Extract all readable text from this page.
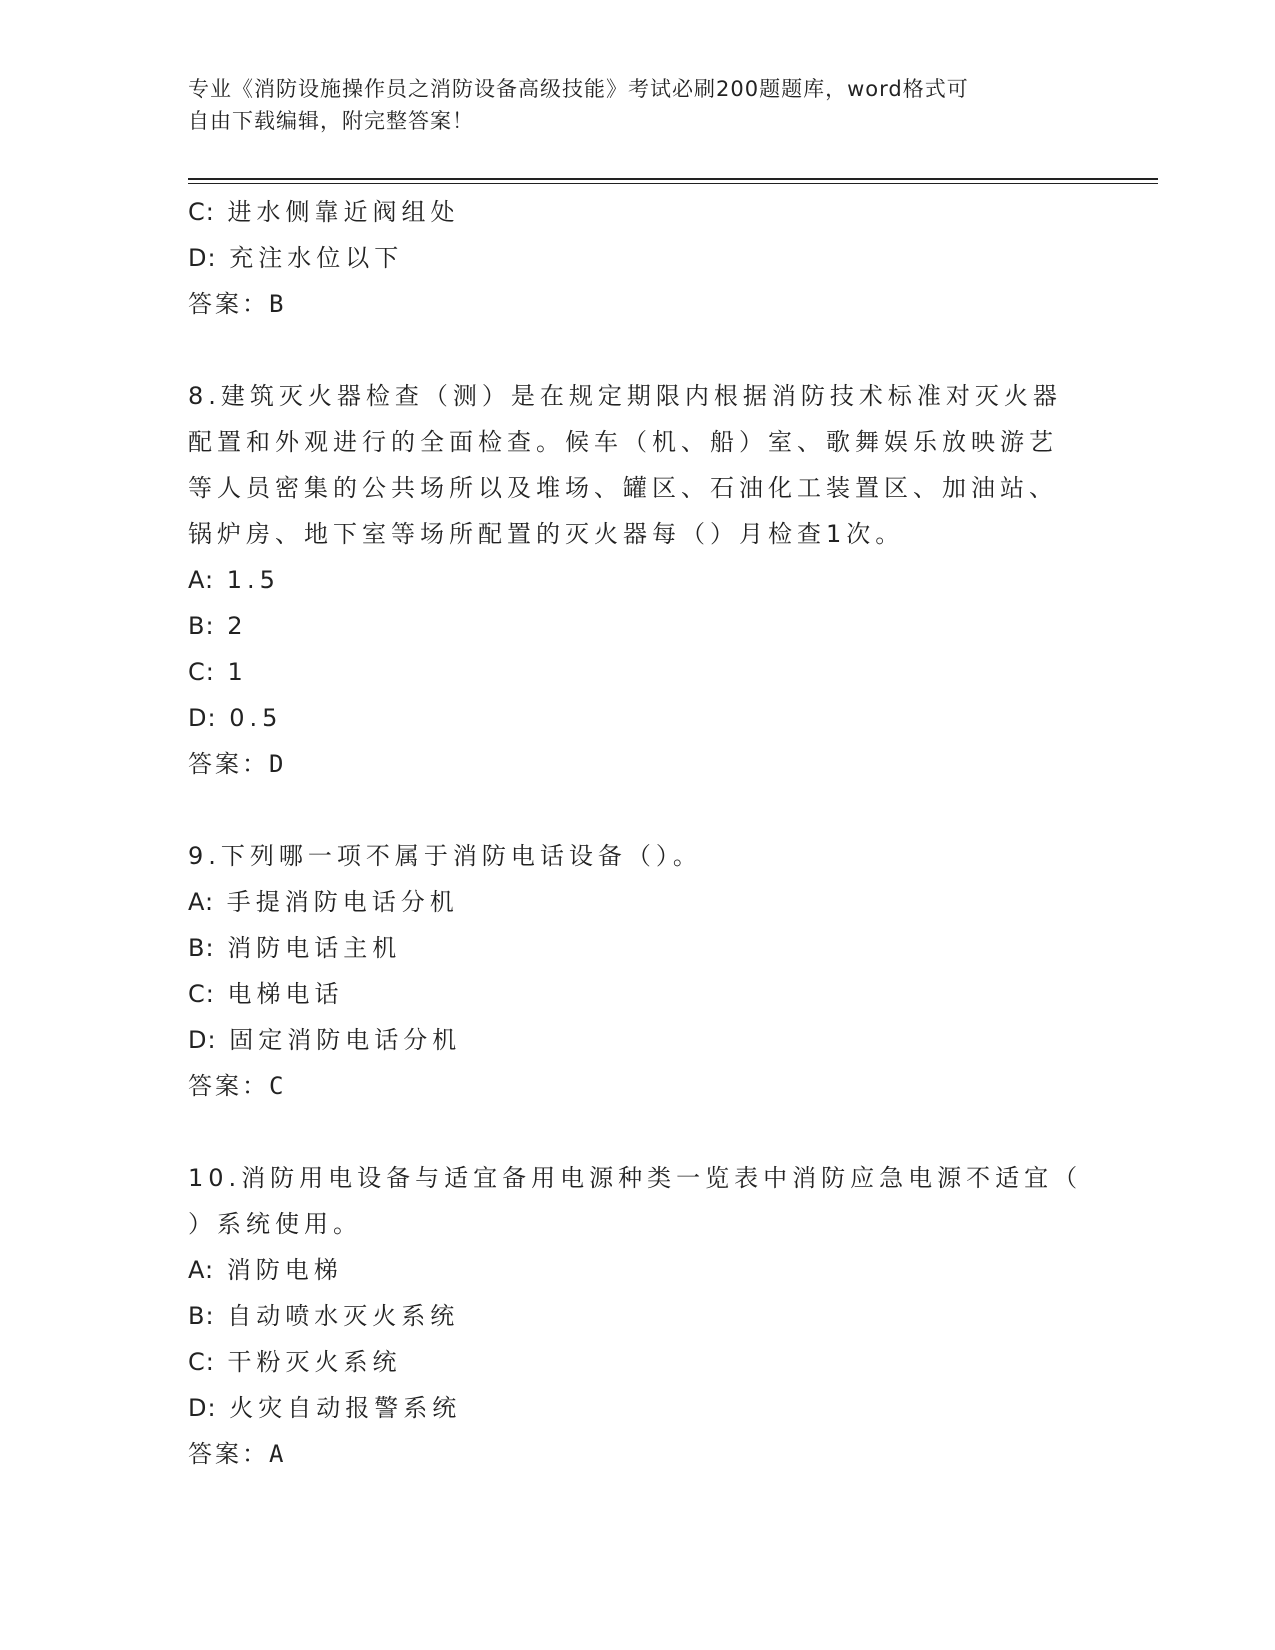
专业《消防设施操作员之消防设备高级技能》考试必刷200题题库，word格式可
自由下载编辑，附完整答案！
C: 进水侧靠近阀组处
D: 充注水位以下
答案：B
8.建筑灭火器检查（测）是在规定期限内根据消防技术标准对灭火器
配置和外观进行的全面检查。候车（机、船）室、歌舞娱乐放映游艺
等人员密集的公共场所以及堆场、罐区、石油化工装置区、加油站、
锅炉房、地下室等场所配置的灭火器每（）月检查1次。
A: 1.5
B: 2
C: 1
D: 0.5
答案：D
9.下列哪一项不属于消防电话设备（）。
A: 手提消防电话分机
B: 消防电话主机
C: 电梯电话
D: 固定消防电话分机
答案：C
10.消防用电设备与适宜备用电源种类一览表中消防应急电源不适宜（
）系统使用。
A: 消防电梯
B: 自动喷水灭火系统
C: 干粉灭火系统
D: 火灾自动报警系统
答案：A
